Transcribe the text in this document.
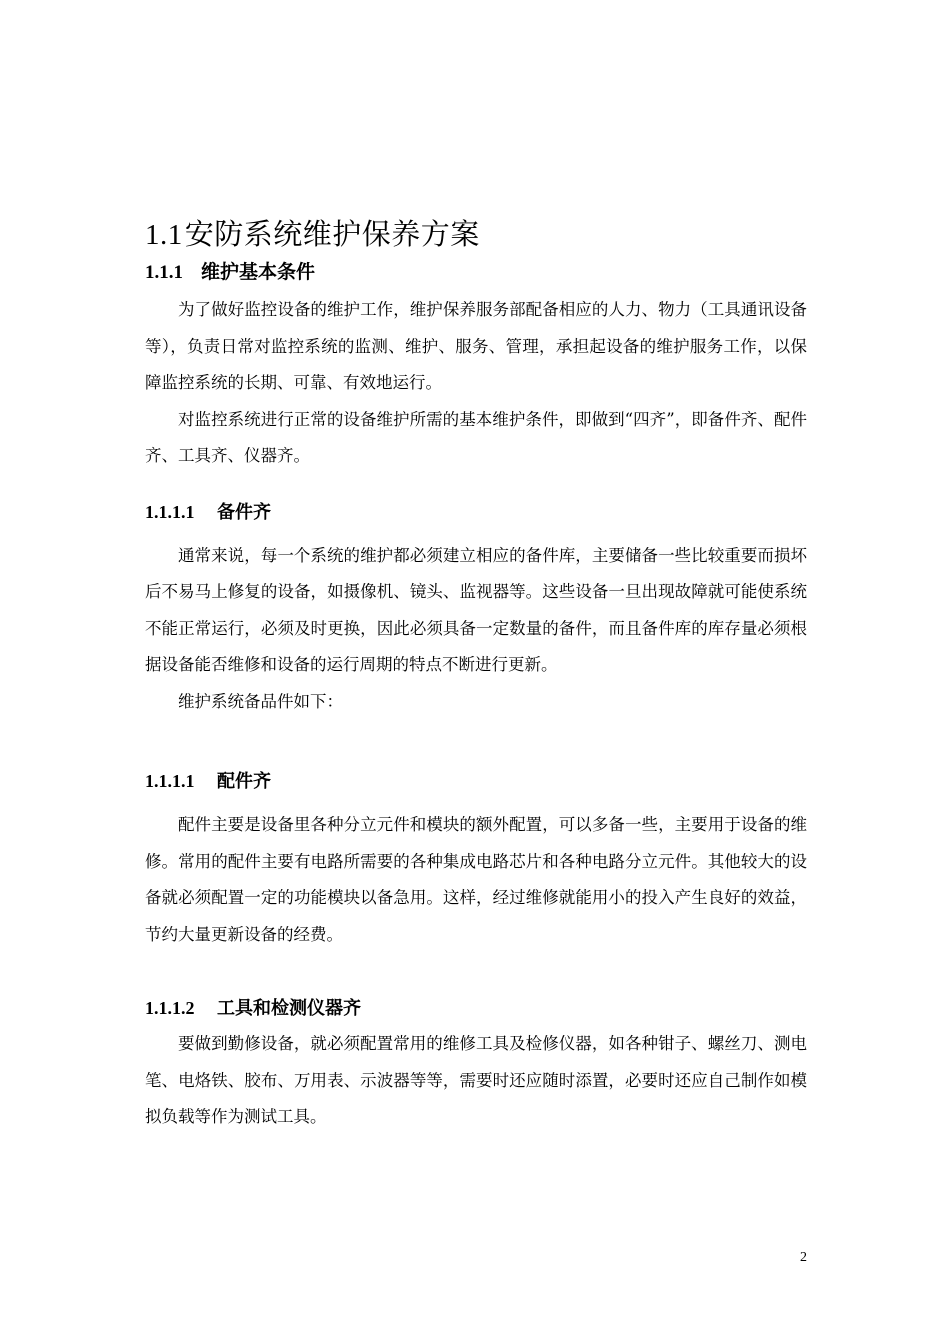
1.1安防系统维护保养方案
1.1.1 维护基本条件

为了做好监控设备的维护工作，维护保养服务部配备相应的人力、物力（工具通讯设备等），负责日常对监控系统的监测、维护、服务、管理，承担起设备的维护服务工作，以保障监控系统的长期、可靠、有效地运行。

对监控系统进行正常的设备维护所需的基本维护条件，即做到“四齐”，即备件齐、配件齐、工具齐、仪器齐。

1.1.1.1 备件齐

通常来说，每一个系统的维护都必须建立相应的备件库，主要储备一些比较重要而损坏后不易马上修复的设备，如摄像机、镜头、监视器等。这些设备一旦出现故障就可能使系统不能正常运行，必须及时更换，因此必须具备一定数量的备件，而且备件库的库存量必须根据设备能否维修和设备的运行周期的特点不断进行更新。

维护系统备品件如下：

1.1.1.1 配件齐

配件主要是设备里各种分立元件和模块的额外配置，可以多备一些，主要用于设备的维修。常用的配件主要有电路所需要的各种集成电路芯片和各种电路分立元件。其他较大的设备就必须配置一定的功能模块以备急用。这样，经过维修就能用小的投入产生良好的效益，节约大量更新设备的经费。

1.1.1.2 工具和检测仪器齐

要做到勤修设备，就必须配置常用的维修工具及检修仪器，如各种钳子、螺丝刀、测电笔、电烙铁、胶布、万用表、示波器等等，需要时还应随时添置，必要时还应自己制作如模拟负载等作为测试工具。

2
